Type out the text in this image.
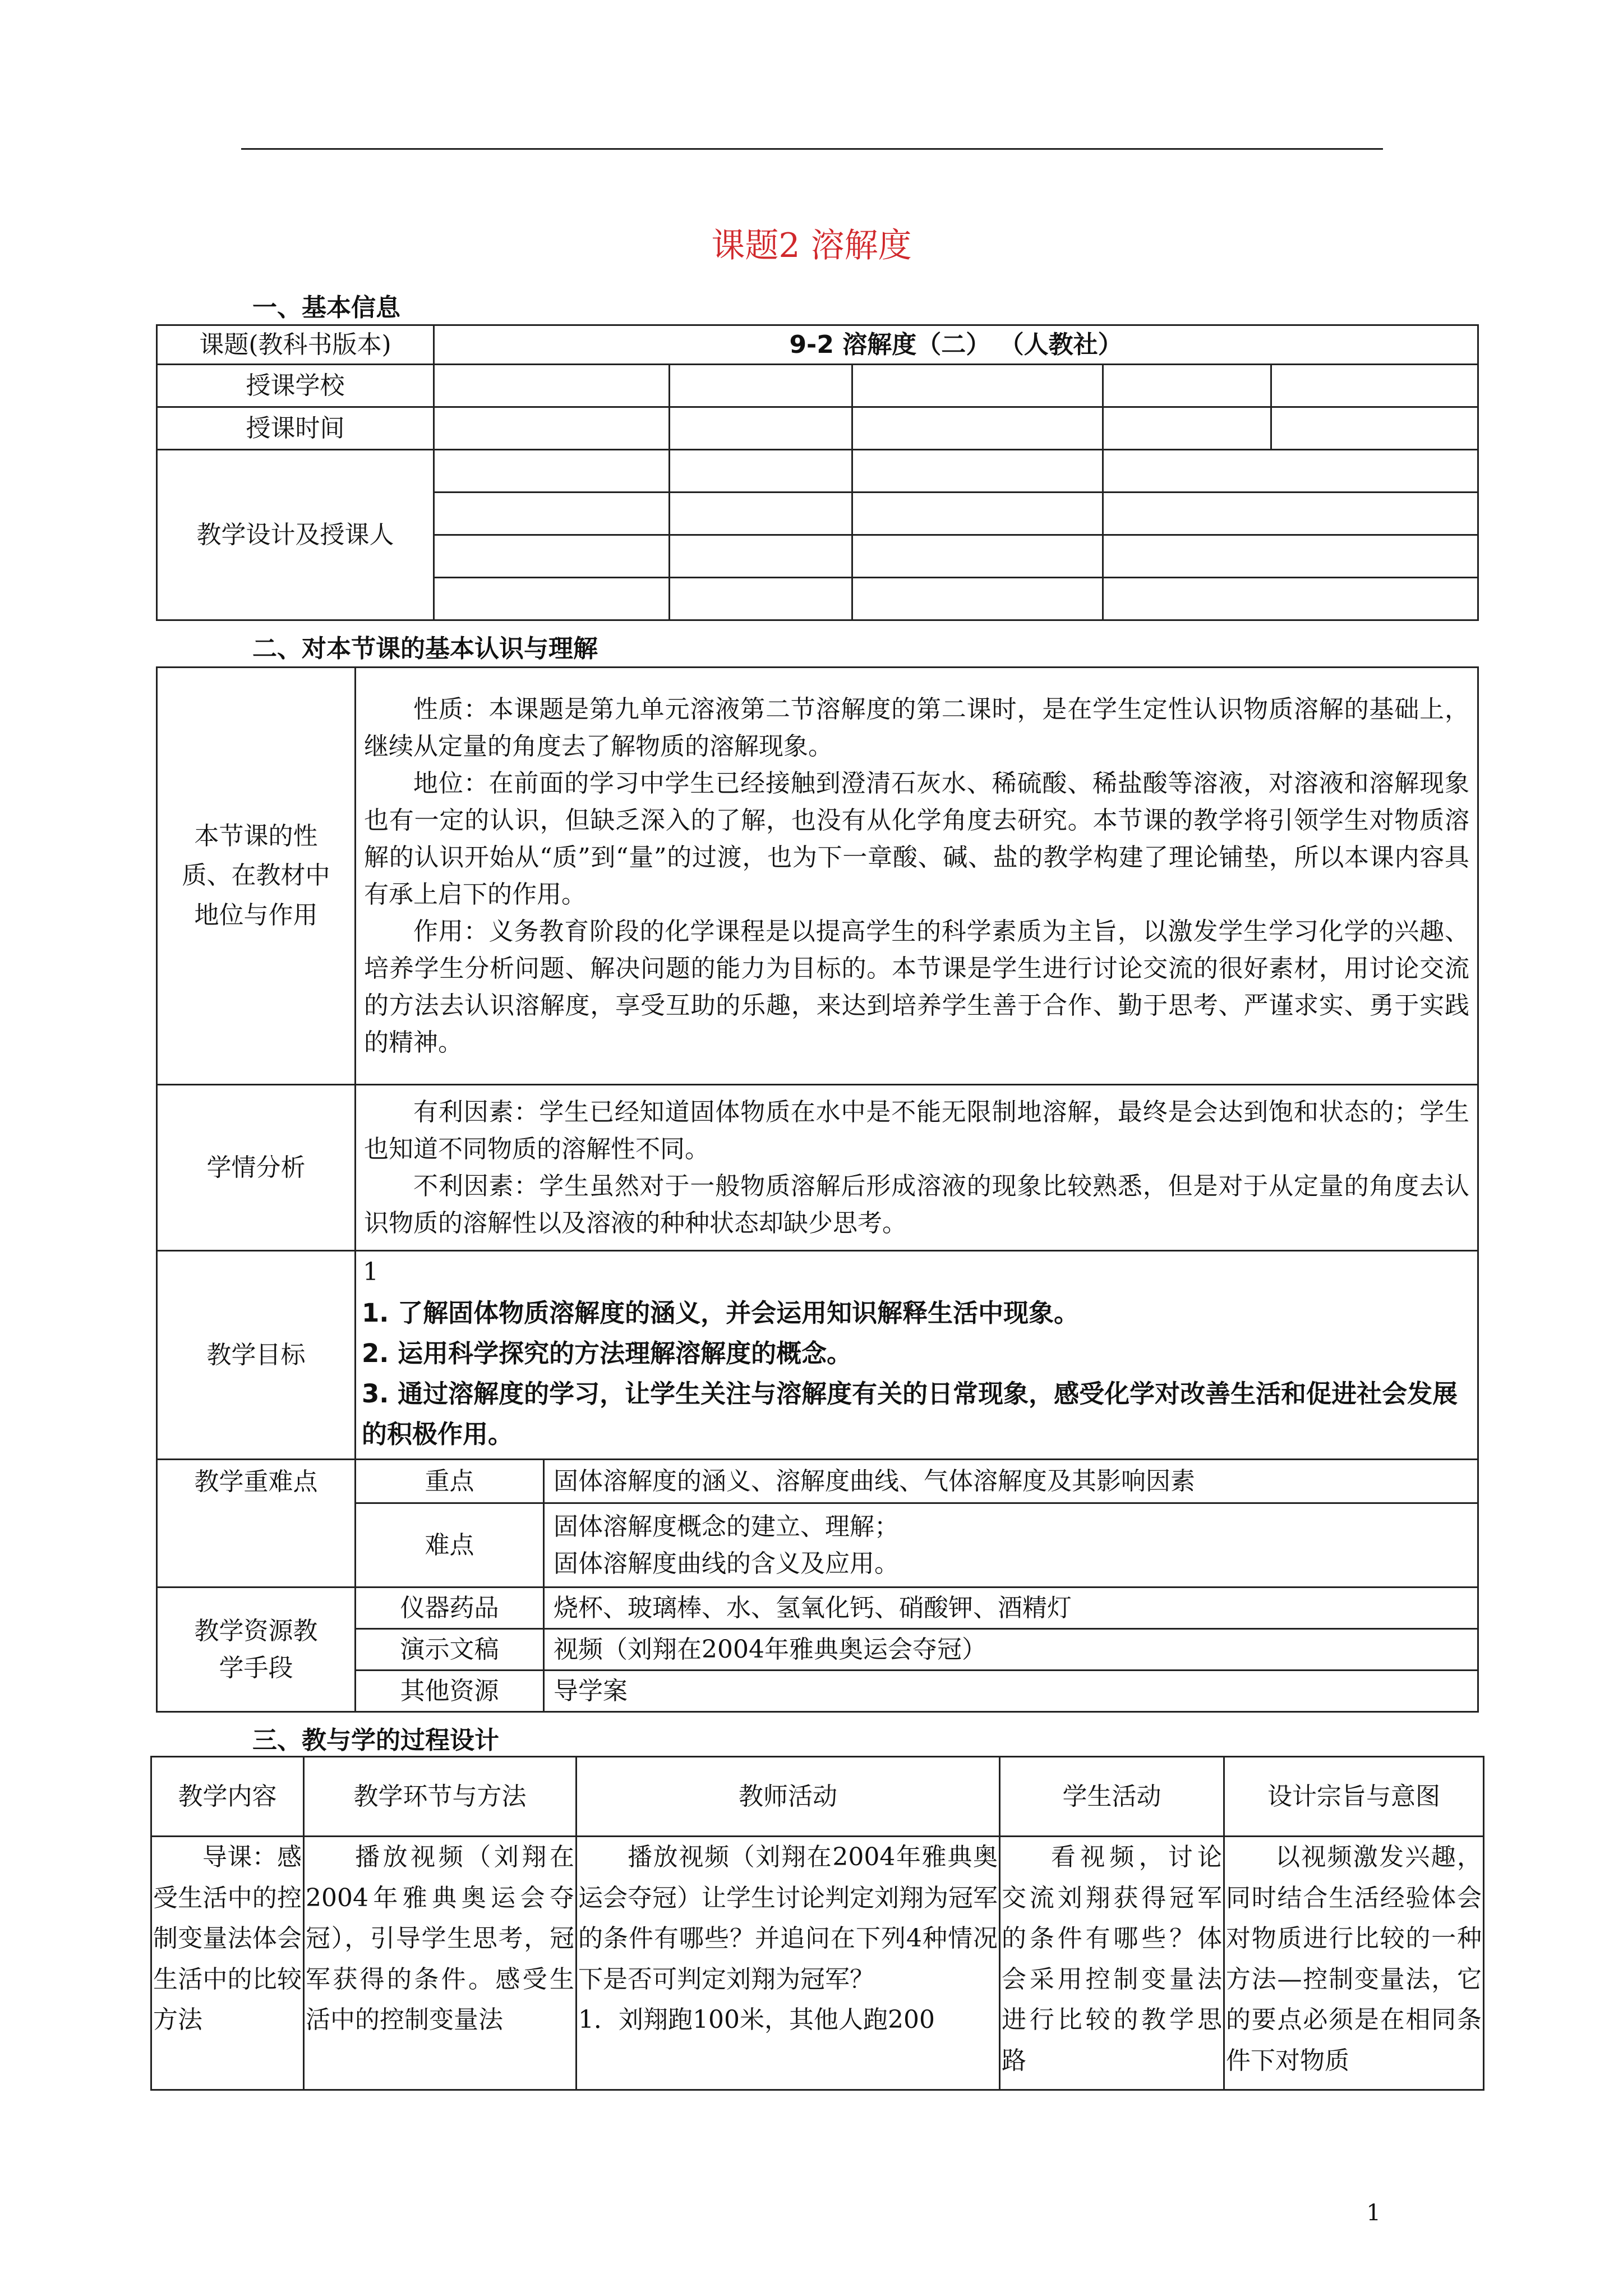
课题2 溶解度
一、基本信息
课题(教科书版本)	9-2 溶解度（二） （人教社）				
授课学校					
授课时间					
教学设计及授课人					

二、对本节课的基本认识与理解
本节课的性质、在教材中地位与作用	性质：本课题是第九单元溶液第二节溶解度的第二课时，是在学生定性认识物质溶解的基础上，继续从定量的角度去了解物质的溶解现象。
地位：在前面的学习中学生已经接触到澄清石灰水、稀硫酸、稀盐酸等溶液，对溶液和溶解现象也有一定的认识，但缺乏深入的了解，也没有从化学角度去研究。本节课的教学将引领学生对物质溶解的认识开始从“质”到“量”的过渡，也为下一章酸、碱、盐的教学构建了理论铺垫，所以本课内容具有承上启下的作用。
作用：义务教育阶段的化学课程是以提高学生的科学素质为主旨，以激发学生学习化学的兴趣、培养学生分析问题、解决问题的能力为目标的。本节课是学生进行讨论交流的很好素材，用讨论交流的方法去认识溶解度，享受互助的乐趣，来达到培养学生善于合作、勤于思考、严谨求实、勇于实践的精神。	

学情分析	有利因素：学生已经知道固体物质在水中是不能无限制地溶解，最终是会达到饱和状态的；学生也知道不同物质的溶解性不同。
不利因素：学生虽然对于一般物质溶解后形成溶液的现象比较熟悉，但是对于从定量的角度去认识物质的溶解性以及溶液的种种状态却缺少思考。	

教学目标	1
1. 了解固体物质溶解度的涵义，并会运用知识解释生活中现象。
2. 运用科学探究的方法理解溶解度的概念。
3. 通过溶解度的学习，让学生关注与溶解度有关的日常现象，感受化学对改善生活和促进社会发展的积极作用。	

教学重难点	重点	固体溶解度的涵义、溶解度曲线、气体溶解度及其影响因素
	难点	固体溶解度概念的建立、理解；
固体溶解度曲线的含义及应用。

教学资源教学手段	仪器药品	烧杯、玻璃棒、水、氢氧化钙、硝酸钾、酒精灯
	演示文稿	视频（刘翔在2004年雅典奥运会夺冠）
	其他资源	导学案
三、教与学的过程设计
教学内容	教学环节与方法	教师活动	学生活动	设计宗旨与意图
导课：感受生活中的控制变量法体会生活中的比较方法	播放视频（刘翔在2004年雅典奥运会夺冠），引导学生思考，冠军获得的条件。感受生活中的控制变量法	播放视频（刘翔在2004年雅典奥运会夺冠）让学生讨论判定刘翔为冠军的条件有哪些？并追问在下列4种情况下是否可判定刘翔为冠军？
1．刘翔跑100米，其他人跑200	看视频，讨论交流刘翔获得冠军的条件有哪些？体会采用控制变量法进行比较的教学思路	以视频激发兴趣，同时结合生活经验体会对物质进行比较的一种方法—控制变量法，它的要点必须是在相同条件下对物质
1
